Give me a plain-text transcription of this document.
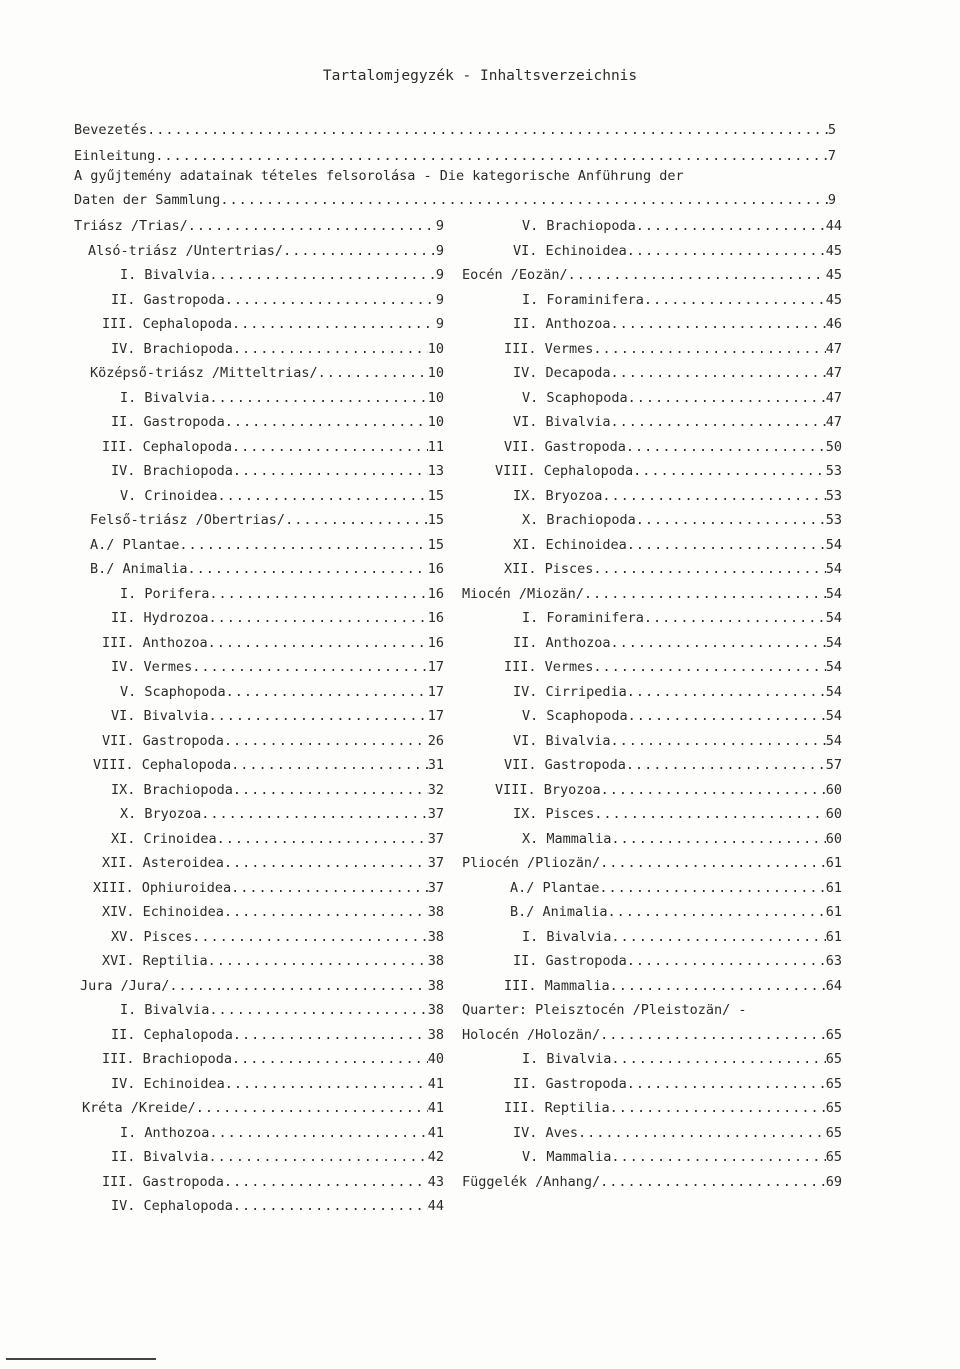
Tartalomjegyzék - Inhaltsverzeichnis
Bevezetés .....	5
Einleitung .....	7
A gyűjtemény adatainak tételes felsorolása - Die kategorische Anführung der
Daten der Sammlung .....	9
Triász /Trias/ .....	9
Alsó-triász /Untertrias/ .....	9
I. Bivalvia .....	9
II. Gastropoda .....	9
III. Cephalopoda .....	9
IV. Brachiopoda .....	10
Középső-triász /Mitteltrias/ .....	10
I. Bivalvia .....	10
II. Gastropoda .....	10
III. Cephalopoda .....	11
IV. Brachiopoda .....	13
V. Crinoidea .....	15
Felső-triász /Obertrias/ .....	15
A./ Plantae .....	15
B./ Animalia .....	16
I. Porifera .....	16
II. Hydrozoa .....	16
III. Anthozoa .....	16
IV. Vermes .....	17
V. Scaphopoda .....	17
VI. Bivalvia .....	17
VII. Gastropoda .....	26
VIII. Cephalopoda .....	31
IX. Brachiopoda .....	32
X. Bryozoa .....	37
XI. Crinoidea .....	37
XII. Asteroidea .....	37
XIII. Ophiuroidea .....	37
XIV. Echinoidea .....	38
XV. Pisces .....	38
XVI. Reptilia .....	38
Jura /Jura/ .....	38
I. Bivalvia .....	38
II. Cephalopoda .....	38
III. Brachiopoda .....	40
IV. Echinoidea .....	41
Kréta /Kreide/ .....	41
I. Anthozoa .....	41
II. Bivalvia .....	42
III. Gastropoda .....	43
IV. Cephalopoda .....	44
V. Brachiopoda .....	44
VI. Echinoidea .....	45
Eocén /Eozän/ .....	45
I. Foraminifera .....	45
II. Anthozoa .....	46
III. Vermes .....	47
IV. Decapoda .....	47
V. Scaphopoda .....	47
VI. Bivalvia .....	47
VII. Gastropoda .....	50
VIII. Cephalopoda .....	53
IX. Bryozoa .....	53
X. Brachiopoda .....	53
XI. Echinoidea .....	54
XII. Pisces .....	54
Miocén /Miozän/ .....	54
I. Foraminifera .....	54
II. Anthozoa .....	54
III. Vermes .....	54
IV. Cirripedia .....	54
V. Scaphopoda .....	54
VI. Bivalvia .....	54
VII. Gastropoda .....	57
VIII. Bryozoa .....	60
IX. Pisces .....	60
X. Mammalia .....	60
Pliocén /Pliozän/ .....	61
A./ Plantae .....	61
B./ Animalia .....	61
I. Bivalvia .....	61
II. Gastropoda .....	63
III. Mammalia .....	64
Quarter: Pleisztocén /Pleistozän/ -
Holocén /Holozän/ .....	65
I. Bivalvia .....	65
II. Gastropoda .....	65
III. Reptilia .....	65
IV. Aves .....	65
V. Mammalia .....	65
Függelék /Anhang/ .....	69
